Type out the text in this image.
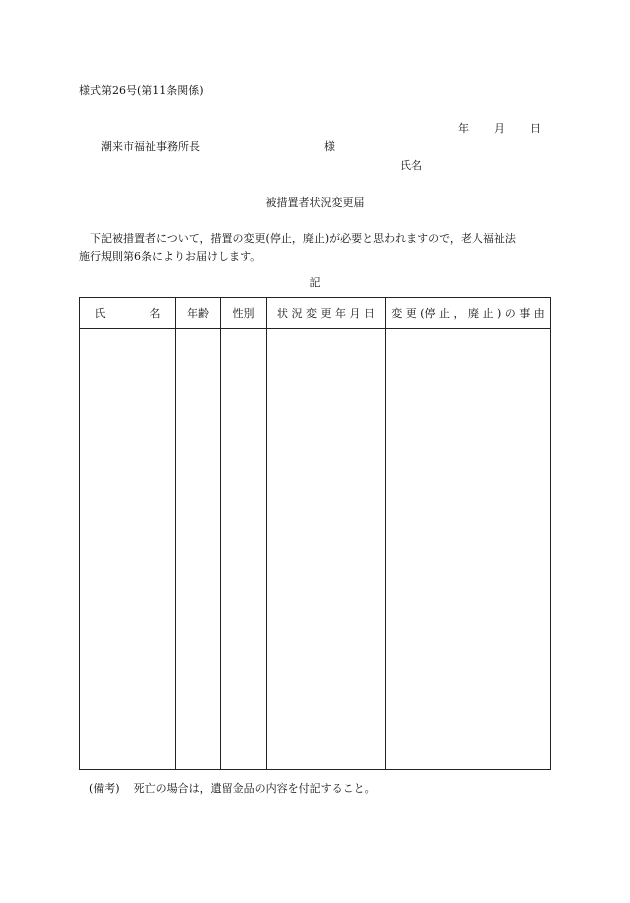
様式第26号(第11条関係)
年 月 日
潮来市福祉事務所長	様
氏名
被措置者状況変更届
下記被措置者について，措置の変更(停止，廃止)が必要と思われますので，老人福祉法
施行規則第6条によりお届けします。
記
氏 名	年齢	性別	状 況 変 更 年 月 日	変 更 (停 止 ， 廃 止 ) の 事 由

(備考) 死亡の場合は，遺留金品の内容を付記すること。
